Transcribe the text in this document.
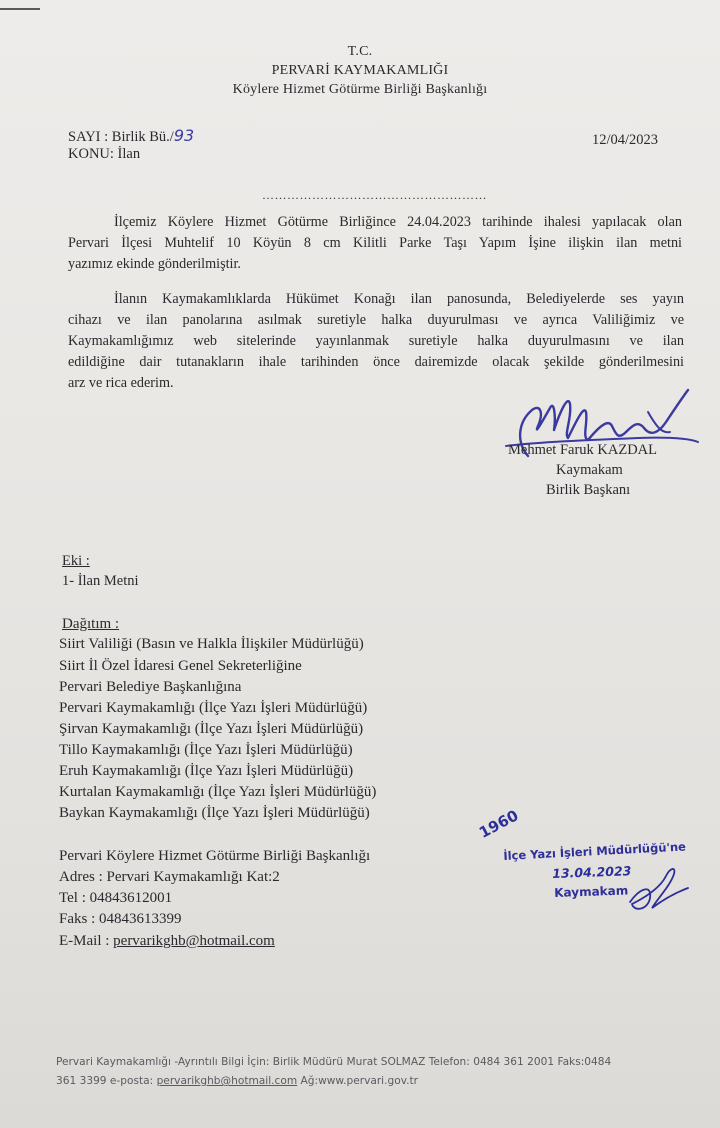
T.C.
PERVARİ KAYMAKAMLIĞI
Köylere Hizmet Götürme Birliği Başkanlığı
SAYI : Birlik Bü./93
KONU: İlan
12/04/2023
………………………………………………
İlçemiz Köylere Hizmet Götürme Birliğince 24.04.2023 tarihinde ihalesi yapılacak olan
Pervari İlçesi Muhtelif 10 Köyün 8 cm Kilitli Parke Taşı Yapım İşine ilişkin ilan metni
yazımız ekinde gönderilmiştir.
İlanın Kaymakamlıklarda Hükümet Konağı ilan panosunda, Belediyelerde ses yayın
cihazı ve ilan panolarına asılmak suretiyle halka duyurulması ve ayrıca Valiliğimiz ve
Kaymakamlığımız web sitelerinde yayınlanmak suretiyle halka duyurulmasını ve ilan
edildiğine dair tutanakların ihale tarihinden önce dairemizde olacak şekilde gönderilmesini
arz ve rica ederim.
Mehmet Faruk KAZDAL
Kaymakam
Birlik Başkanı
Eki :
1- İlan Metni
Dağıtım :
Siirt Valiliği (Basın ve Halkla İlişkiler Müdürlüğü)
Siirt İl Özel İdaresi Genel Sekreterliğine
Pervari Belediye Başkanlığına
Pervari Kaymakamlığı (İlçe Yazı İşleri Müdürlüğü)
Şirvan Kaymakamlığı (İlçe Yazı İşleri Müdürlüğü)
Tillo Kaymakamlığı (İlçe Yazı İşleri Müdürlüğü)
Eruh Kaymakamlığı (İlçe Yazı İşleri Müdürlüğü)
Kurtalan Kaymakamlığı (İlçe Yazı İşleri Müdürlüğü)
Baykan Kaymakamlığı (İlçe Yazı İşleri Müdürlüğü)
Pervari Köylere Hizmet Götürme Birliği Başkanlığı
Adres : Pervari Kaymakamlığı Kat:2
Tel : 04843612001
Faks : 04843613399
E-Mail : pervarikghb@hotmail.com
1960
İlçe Yazı İşleri Müdürlüğü'ne
13.04.2023
Kaymakam
Pervari Kaymakamlığı -Ayrıntılı Bilgi İçin: Birlik Müdürü Murat SOLMAZ Telefon: 0484 361 2001 Faks:0484
361 3399 e-posta: pervarikghb@hotmail.com Ağ:www.pervari.gov.tr
